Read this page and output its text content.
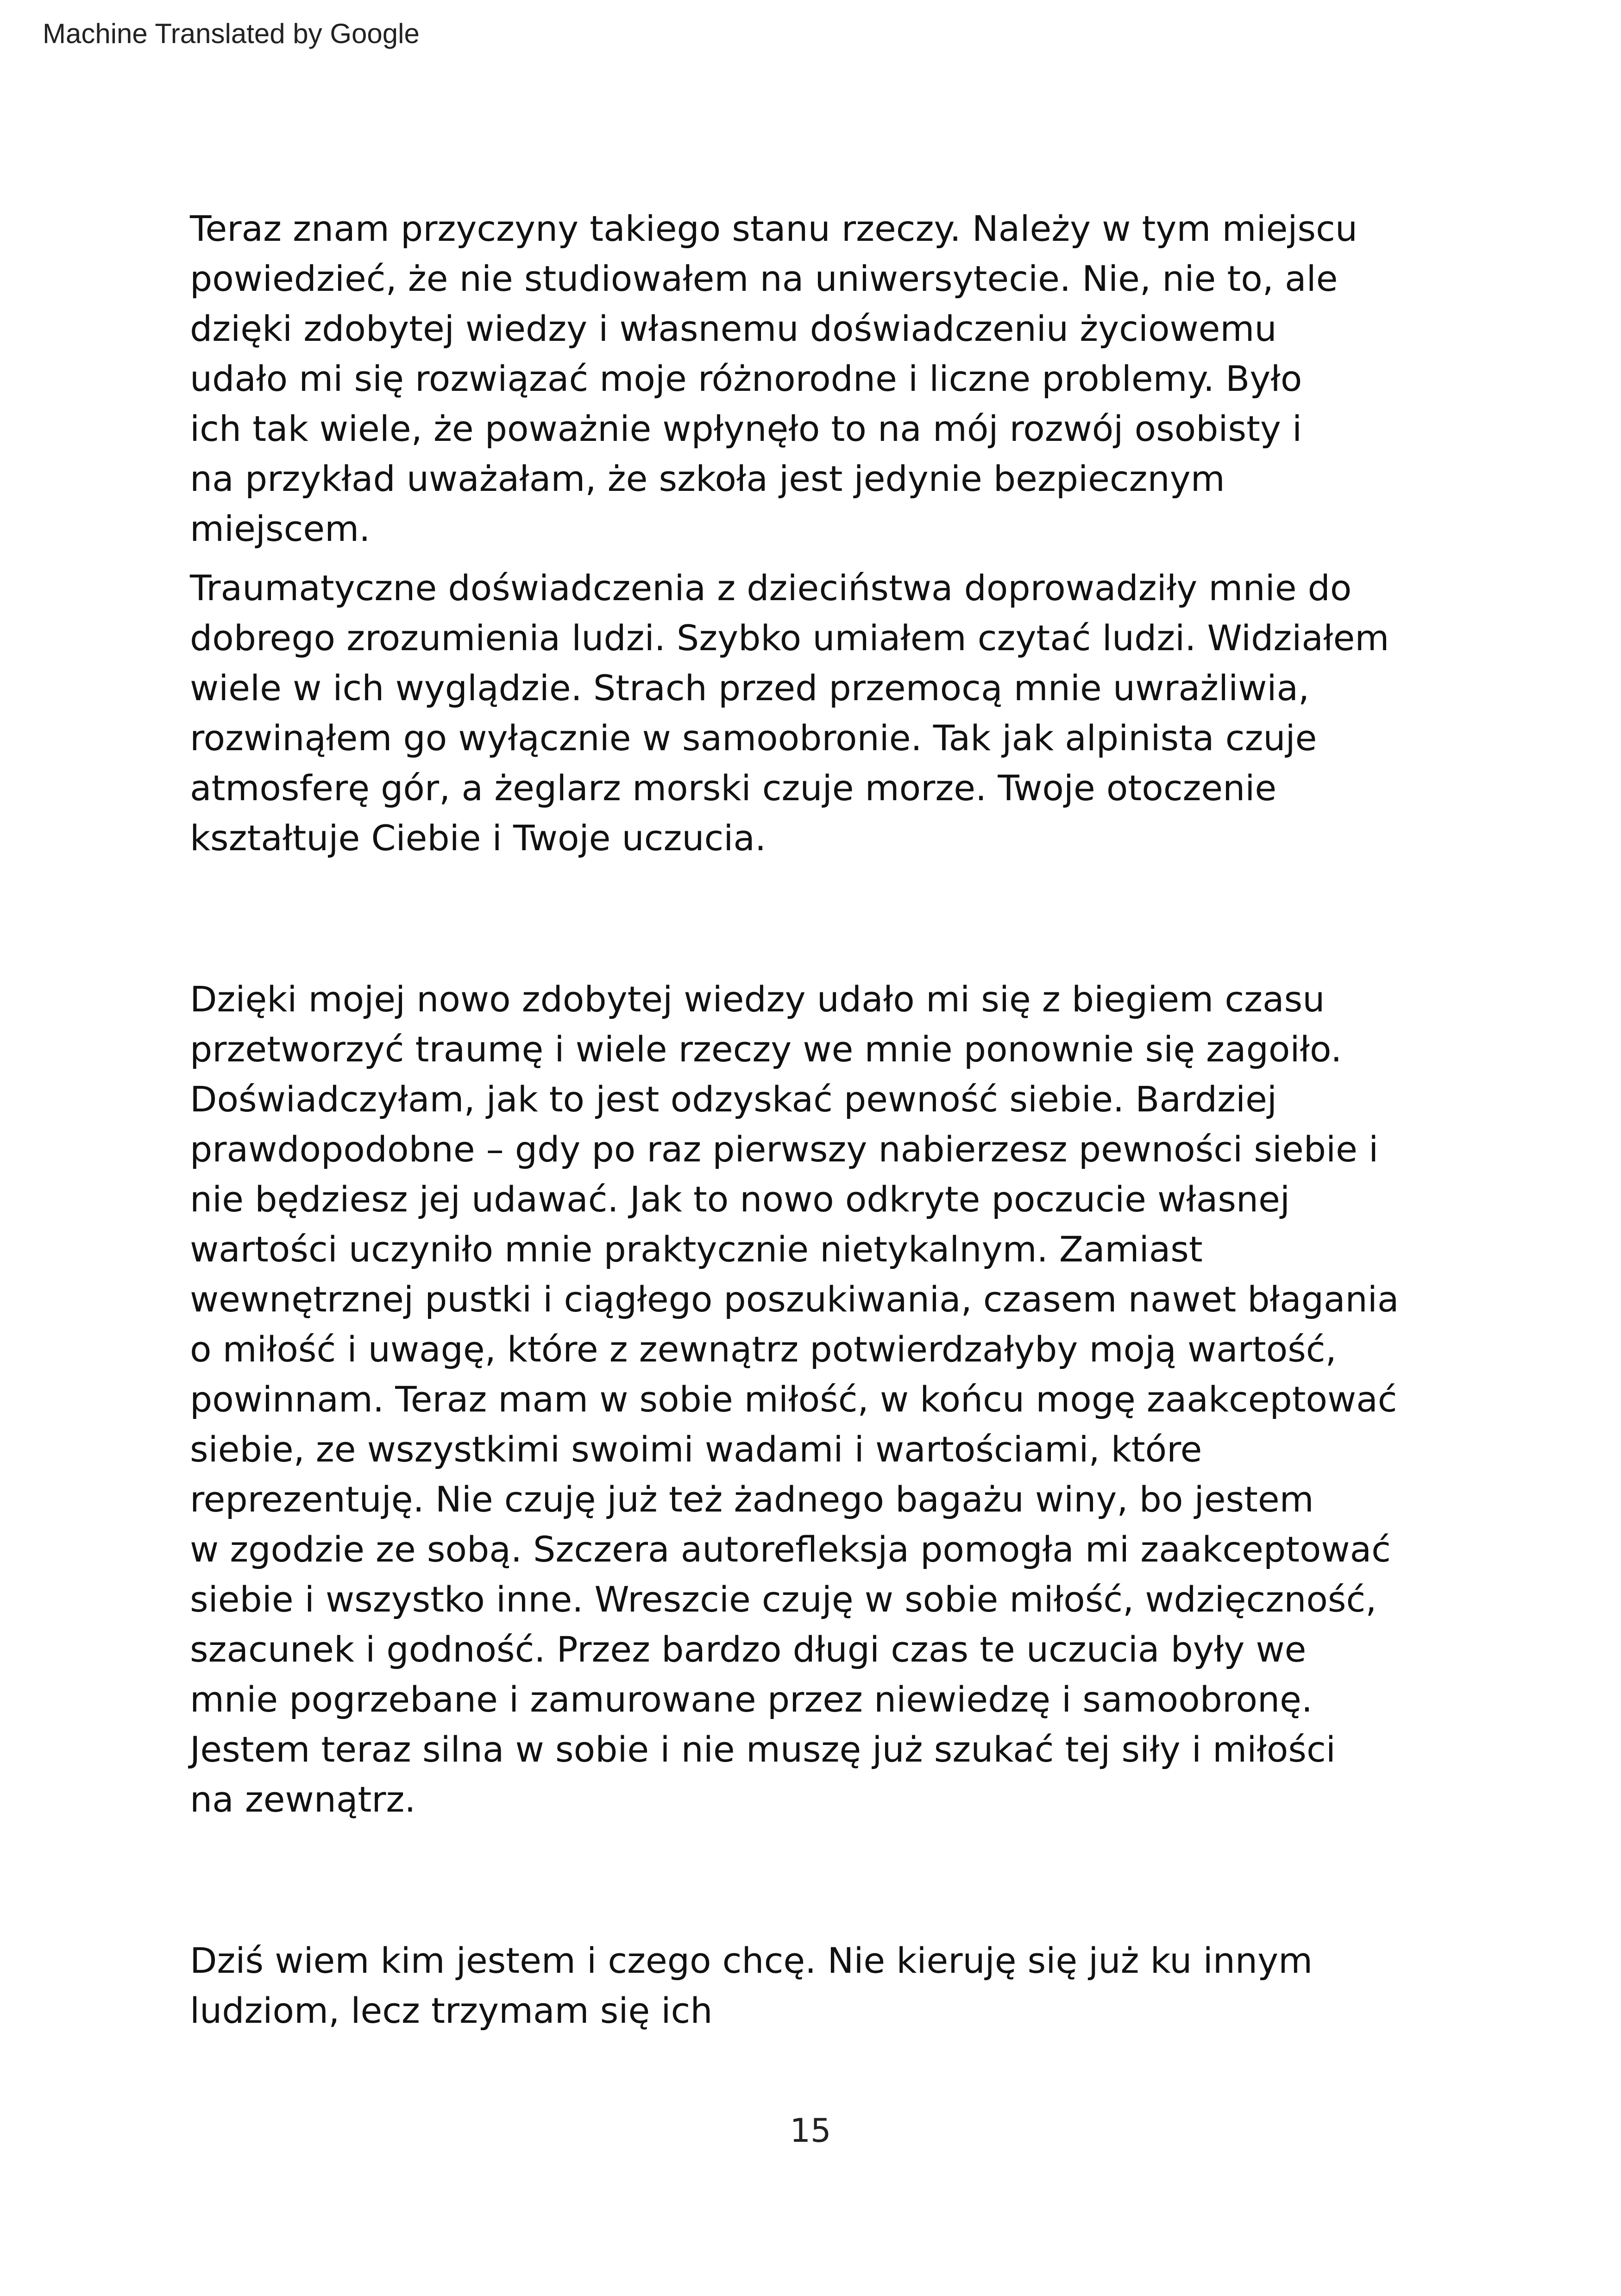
Machine Translated by Google

Teraz znam przyczyny takiego stanu rzeczy. Należy w tym miejscu
powiedzieć, że nie studiowałem na uniwersytecie. Nie, nie to, ale
dzięki zdobytej wiedzy i własnemu doświadczeniu życiowemu
udało mi się rozwiązać moje różnorodne i liczne problemy. Było
ich tak wiele, że poważnie wpłynęło to na mój rozwój osobisty i
na przykład uważałam, że szkoła jest jedynie bezpiecznym
miejscem.

Traumatyczne doświadczenia z dzieciństwa doprowadziły mnie do
dobrego zrozumienia ludzi. Szybko umiałem czytać ludzi. Widziałem
wiele w ich wyglądzie. Strach przed przemocą mnie uwrażliwia,
rozwinąłem go wyłącznie w samoobronie. Tak jak alpinista czuje
atmosferę gór, a żeglarz morski czuje morze. Twoje otoczenie
kształtuje Ciebie i Twoje uczucia.

Dzięki mojej nowo zdobytej wiedzy udało mi się z biegiem czasu
przetworzyć traumę i wiele rzeczy we mnie ponownie się zagoiło.
Doświadczyłam, jak to jest odzyskać pewność siebie. Bardziej
prawdopodobne – gdy po raz pierwszy nabierzesz pewności siebie i
nie będziesz jej udawać. Jak to nowo odkryte poczucie własnej
wartości uczyniło mnie praktycznie nietykalnym. Zamiast
wewnętrznej pustki i ciągłego poszukiwania, czasem nawet błagania
o miłość i uwagę, które z zewnątrz potwierdzałyby moją wartość,
powinnam. Teraz mam w sobie miłość, w końcu mogę zaakceptować
siebie, ze wszystkimi swoimi wadami i wartościami, które
reprezentuję. Nie czuję już też żadnego bagażu winy, bo jestem
w zgodzie ze sobą. Szczera autorefleksja pomogła mi zaakceptować
siebie i wszystko inne. Wreszcie czuję w sobie miłość, wdzięczność,
szacunek i godność. Przez bardzo długi czas te uczucia były we
mnie pogrzebane i zamurowane przez niewiedzę i samoobronę.
Jestem teraz silna w sobie i nie muszę już szukać tej siły i miłości
na zewnątrz.

Dziś wiem kim jestem i czego chcę. Nie kieruję się już ku innym
ludziom, lecz trzymam się ich

15
